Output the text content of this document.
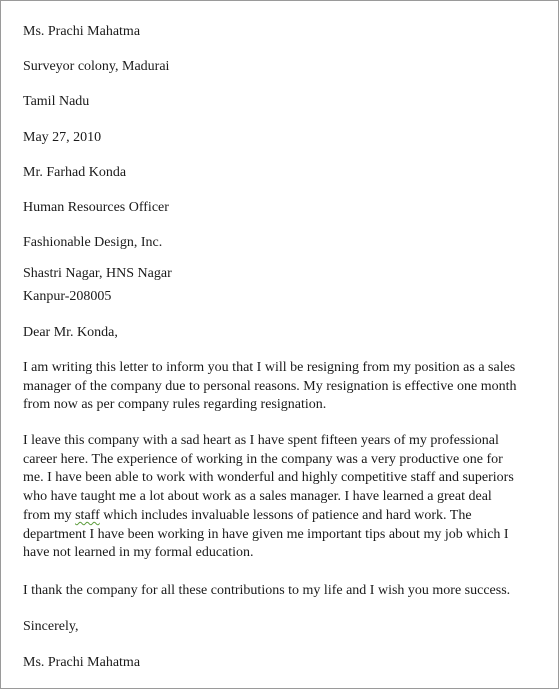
Ms. Prachi Mahatma
Surveyor colony, Madurai
Tamil Nadu
May 27, 2010
Mr. Farhad Konda
Human Resources Officer
Fashionable Design, Inc.
Shastri Nagar, HNS Nagar
Kanpur-208005
Dear Mr. Konda,
I am writing this letter to inform you that I will be resigning from my position as a sales
manager of the company due to personal reasons. My resignation is effective one month
from now as per company rules regarding resignation.
I leave this company with a sad heart as I have spent fifteen years of my professional
career here. The experience of working in the company was a very productive one for
me. I have been able to work with wonderful and highly competitive staff and superiors
who have taught me a lot about work as a sales manager. I have learned a great deal
from my staff which includes invaluable lessons of patience and hard work. The
department I have been working in have given me important tips about my job which I
have not learned in my formal education.
I thank the company for all these contributions to my life and I wish you more success.
Sincerely,
Ms. Prachi Mahatma
